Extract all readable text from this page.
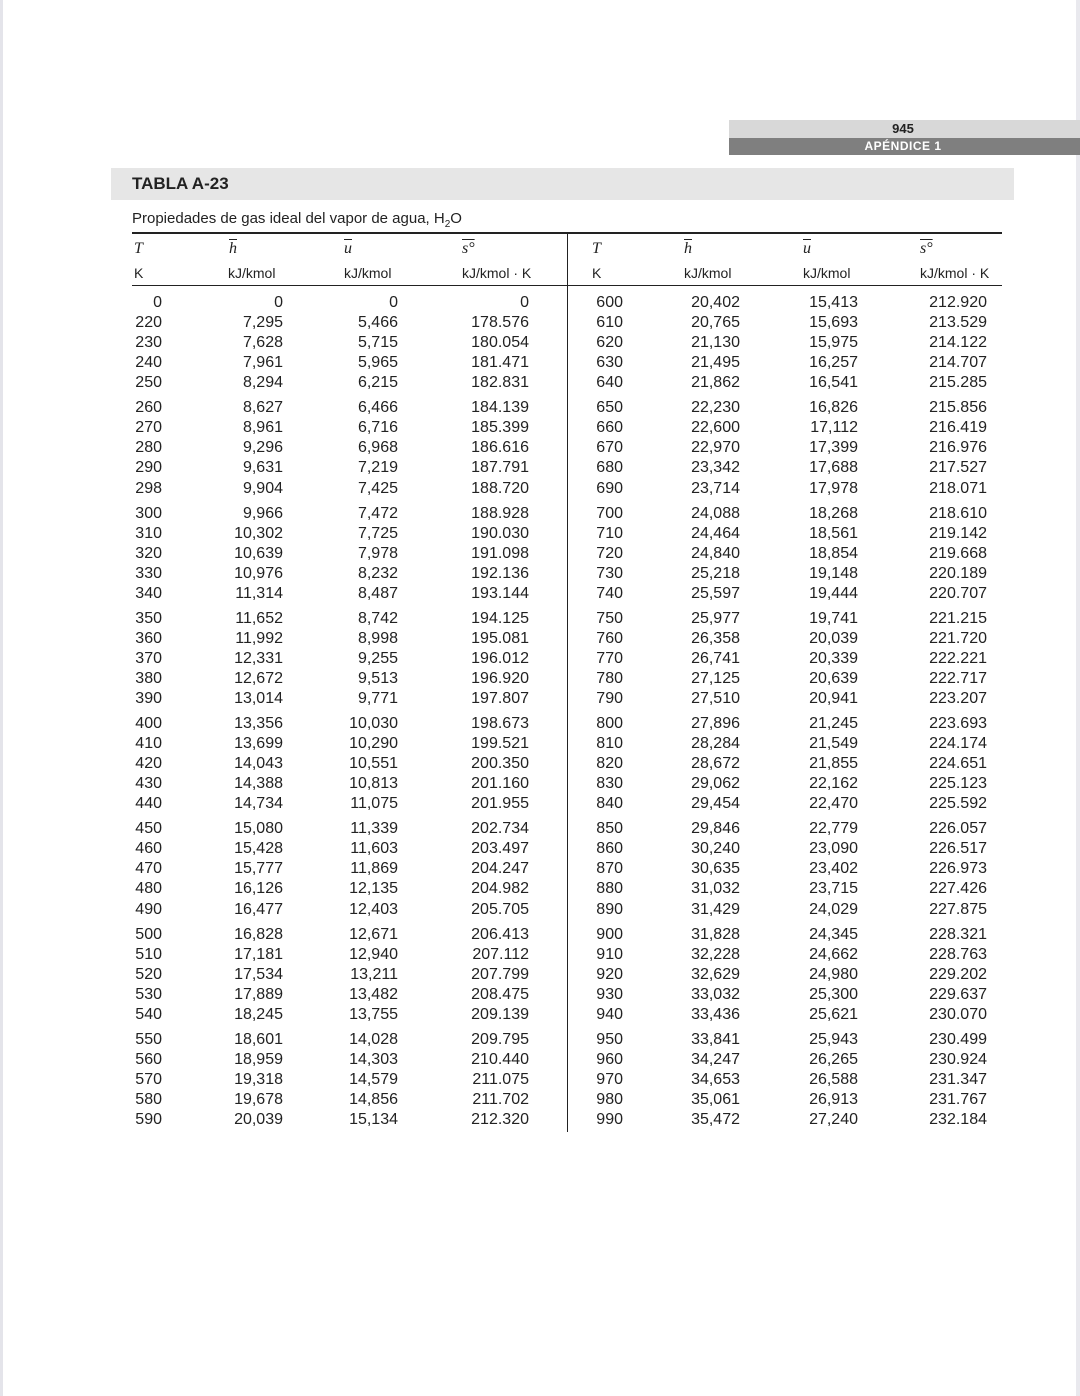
945
APÉNDICE 1
TABLA A-23
Propiedades de gas ideal del vapor de agua, $H_2O$
T	$\overline{h}$	$\overline{u}$	s°
K	kJ/kmol	kJ/kmol	kJ/kmol · K
T	$\overline{h}$	$\overline{u}$	s°
K	kJ/kmol	kJ/kmol	kJ/kmol · K
0	0	0	0
220	7,295	5,466	178.576
230	7,628	5,715	180.054
240	7,961	5,965	181.471
250	8,294	6,215	182.831
260	8,627	6,466	184.139
270	8,961	6,716	185.399
280	9,296	6,968	186.616
290	9,631	7,219	187.791
298	9,904	7,425	188.720
300	9,966	7,472	188.928
310	10,302	7,725	190.030
320	10,639	7,978	191.098
330	10,976	8,232	192.136
340	11,314	8,487	193.144
350	11,652	8,742	194.125
360	11,992	8,998	195.081
370	12,331	9,255	196.012
380	12,672	9,513	196.920
390	13,014	9,771	197.807
400	13,356	10,030	198.673
410	13,699	10,290	199.521
420	14,043	10,551	200.350
430	14,388	10,813	201.160
440	14,734	11,075	201.955
450	15,080	11,339	202.734
460	15,428	11,603	203.497
470	15,777	11,869	204.247
480	16,126	12,135	204.982
490	16,477	12,403	205.705
500	16,828	12,671	206.413
510	17,181	12,940	207.112
520	17,534	13,211	207.799
530	17,889	13,482	208.475
540	18,245	13,755	209.139
550	18,601	14,028	209.795
560	18,959	14,303	210.440
570	19,318	14,579	211.075
580	19,678	14,856	211.702
590	20,039	15,134	212.320
600	20,402	15,413	212.920
610	20,765	15,693	213.529
620	21,130	15,975	214.122
630	21,495	16,257	214.707
640	21,862	16,541	215.285
650	22,230	16,826	215.856
660	22,600	17,112	216.419
670	22,970	17,399	216.976
680	23,342	17,688	217.527
690	23,714	17,978	218.071
700	24,088	18,268	218.610
710	24,464	18,561	219.142
720	24,840	18,854	219.668
730	25,218	19,148	220.189
740	25,597	19,444	220.707
750	25,977	19,741	221.215
760	26,358	20,039	221.720
770	26,741	20,339	222.221
780	27,125	20,639	222.717
790	27,510	20,941	223.207
800	27,896	21,245	223.693
810	28,284	21,549	224.174
820	28,672	21,855	224.651
830	29,062	22,162	225.123
840	29,454	22,470	225.592
850	29,846	22,779	226.057
860	30,240	23,090	226.517
870	30,635	23,402	226.973
880	31,032	23,715	227.426
890	31,429	24,029	227.875
900	31,828	24,345	228.321
910	32,228	24,662	228.763
920	32,629	24,980	229.202
930	33,032	25,300	229.637
940	33,436	25,621	230.070
950	33,841	25,943	230.499
960	34,247	26,265	230.924
970	34,653	26,588	231.347
980	35,061	26,913	231.767
990	35,472	27,240	232.184
